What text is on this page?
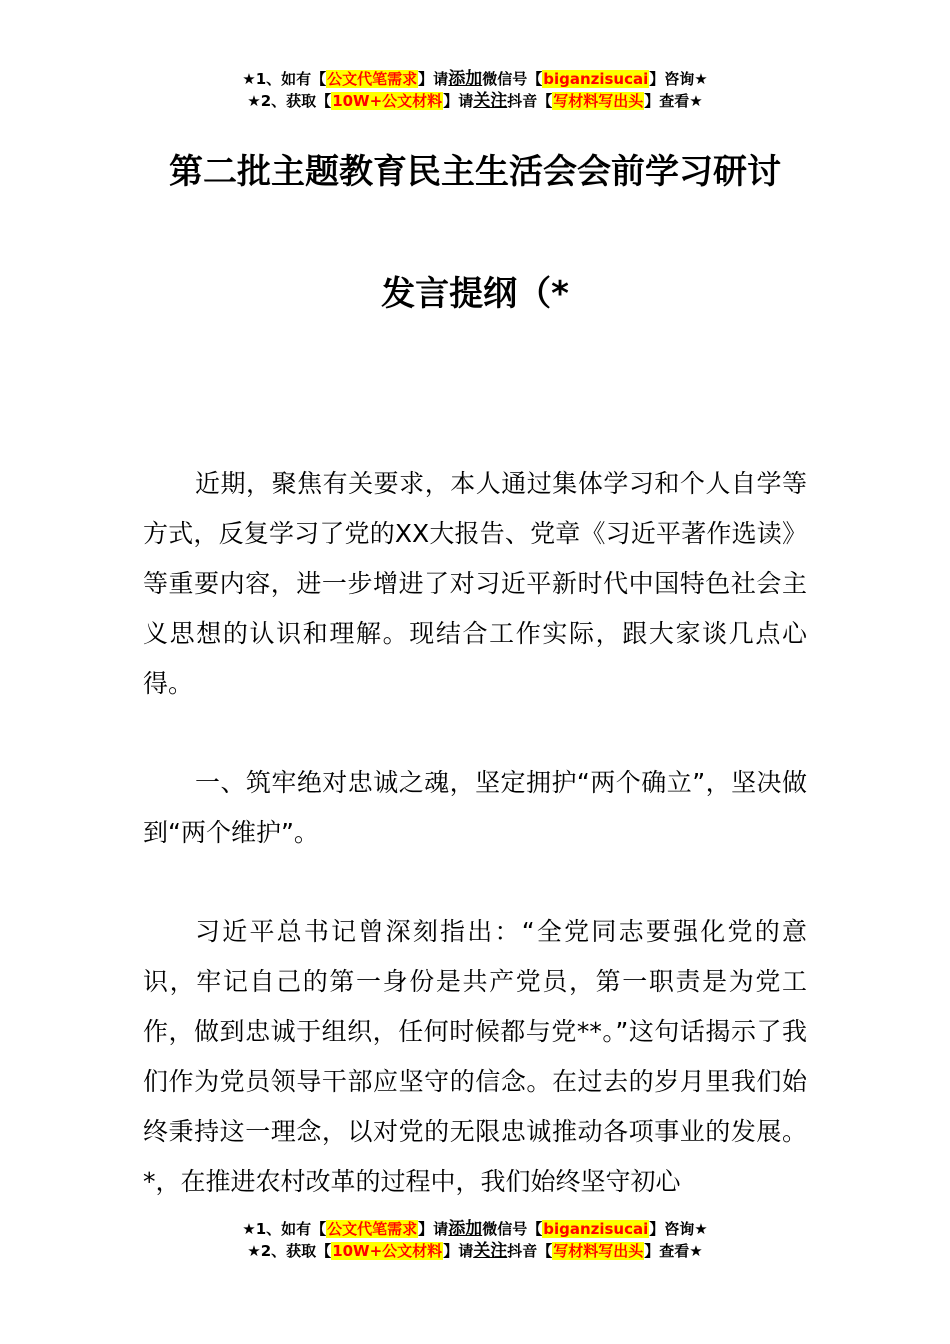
★1、如有【公文代笔需求】请添加微信号【biganzisucai】咨询★
★2、获取【10W+公文材料】请关注抖音【写材料写出头】查看★
第二批主题教育民主生活会会前学习研讨
发言提纲（*

近期，聚焦有关要求，本人通过集体学习和个人自学等方式，反复学习了党的XX大报告、党章《习近平著作选读》等重要内容，进一步增进了对习近平新时代中国特色社会主义思想的认识和理解。现结合工作实际，跟大家谈几点心得。

一、筑牢绝对忠诚之魂，坚定拥护“两个确立”，坚决做到“两个维护”。

习近平总书记曾深刻指出：“全党同志要强化党的意识，牢记自己的第一身份是共产党员，第一职责是为党工作，做到忠诚于组织，任何时候都与党**。”这句话揭示了我们作为党员领导干部应坚守的信念。在过去的岁月里我们始终秉持这一理念，以对党的无限忠诚推动各项事业的发展。*，在推进农村改革的过程中，我们始终坚守初心

★1、如有【公文代笔需求】请添加微信号【biganzisucai】咨询★
★2、获取【10W+公文材料】请关注抖音【写材料写出头】查看★
